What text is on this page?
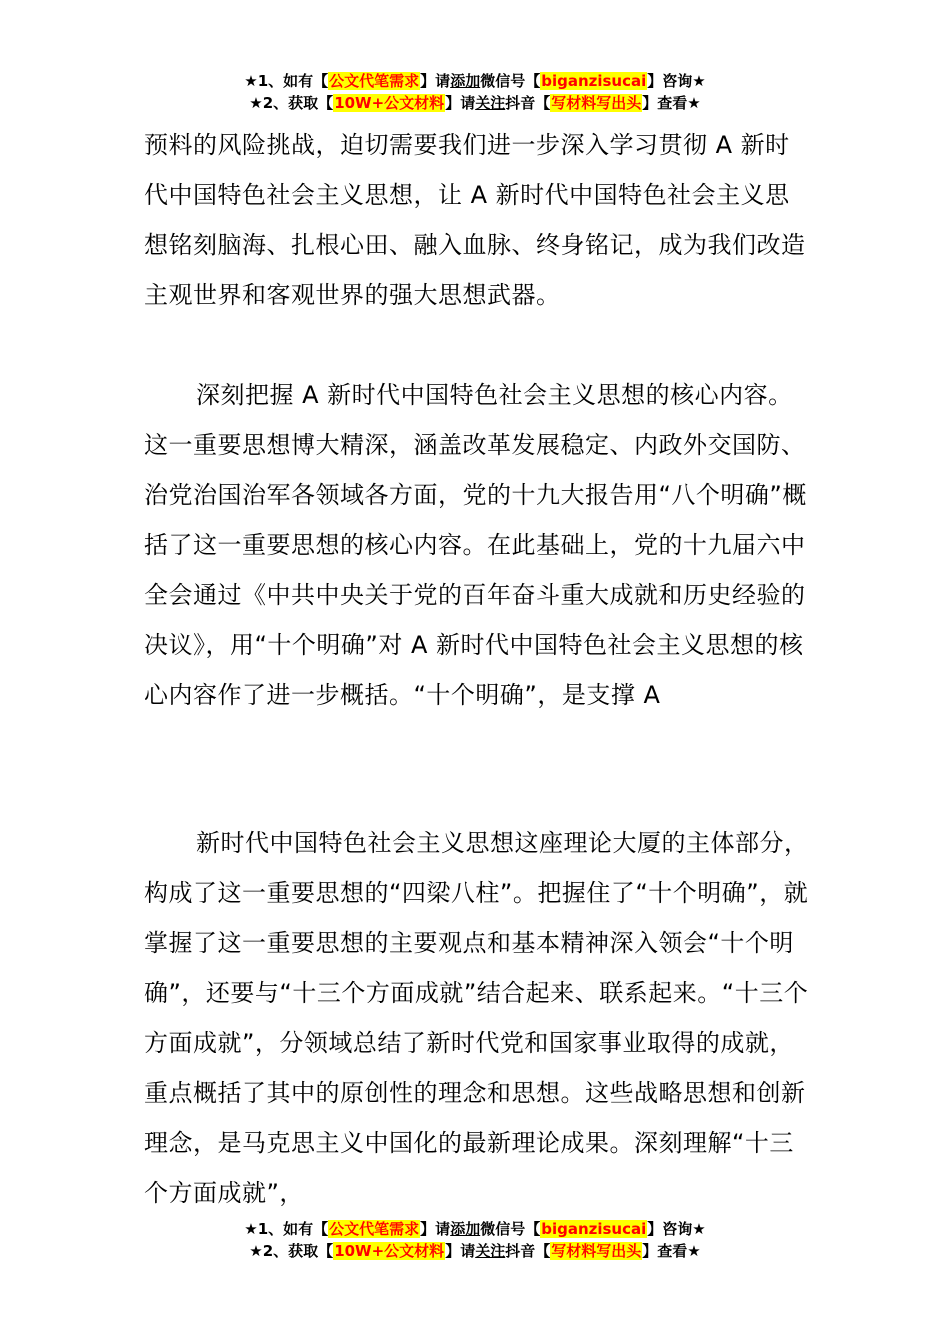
★1、如有【公文代笔需求】请添加微信号【biganzisucai】咨询★
★2、获取【10W+公文材料】请关注抖音【写材料写出头】查看★

预料的风险挑战，迫切需要我们进一步深入学习贯彻 A 新时代中国特色社会主义思想，让 A 新时代中国特色社会主义思想铭刻脑海、扎根心田、融入血脉、终身铭记，成为我们改造主观世界和客观世界的强大思想武器。

深刻把握 A 新时代中国特色社会主义思想的核心内容。这一重要思想博大精深，涵盖改革发展稳定、内政外交国防、治党治国治军各领域各方面，党的十九大报告用“八个明确”概括了这一重要思想的核心内容。在此基础上，党的十九届六中全会通过《中共中央关于党的百年奋斗重大成就和历史经验的决议》，用“十个明确”对 A 新时代中国特色社会主义思想的核心内容作了进一步概括。“十个明确”，是支撑 A

新时代中国特色社会主义思想这座理论大厦的主体部分，构成了这一重要思想的“四梁八柱”。把握住了“十个明确”，就掌握了这一重要思想的主要观点和基本精神深入领会“十个明确”，还要与“十三个方面成就”结合起来、联系起来。“十三个方面成就”，分领域总结了新时代党和国家事业取得的成就，重点概括了其中的原创性的理念和思想。这些战略思想和创新理念，是马克思主义中国化的最新理论成果。深刻理解“十三个方面成就”，

★1、如有【公文代笔需求】请添加微信号【biganzisucai】咨询★
★2、获取【10W+公文材料】请关注抖音【写材料写出头】查看★
